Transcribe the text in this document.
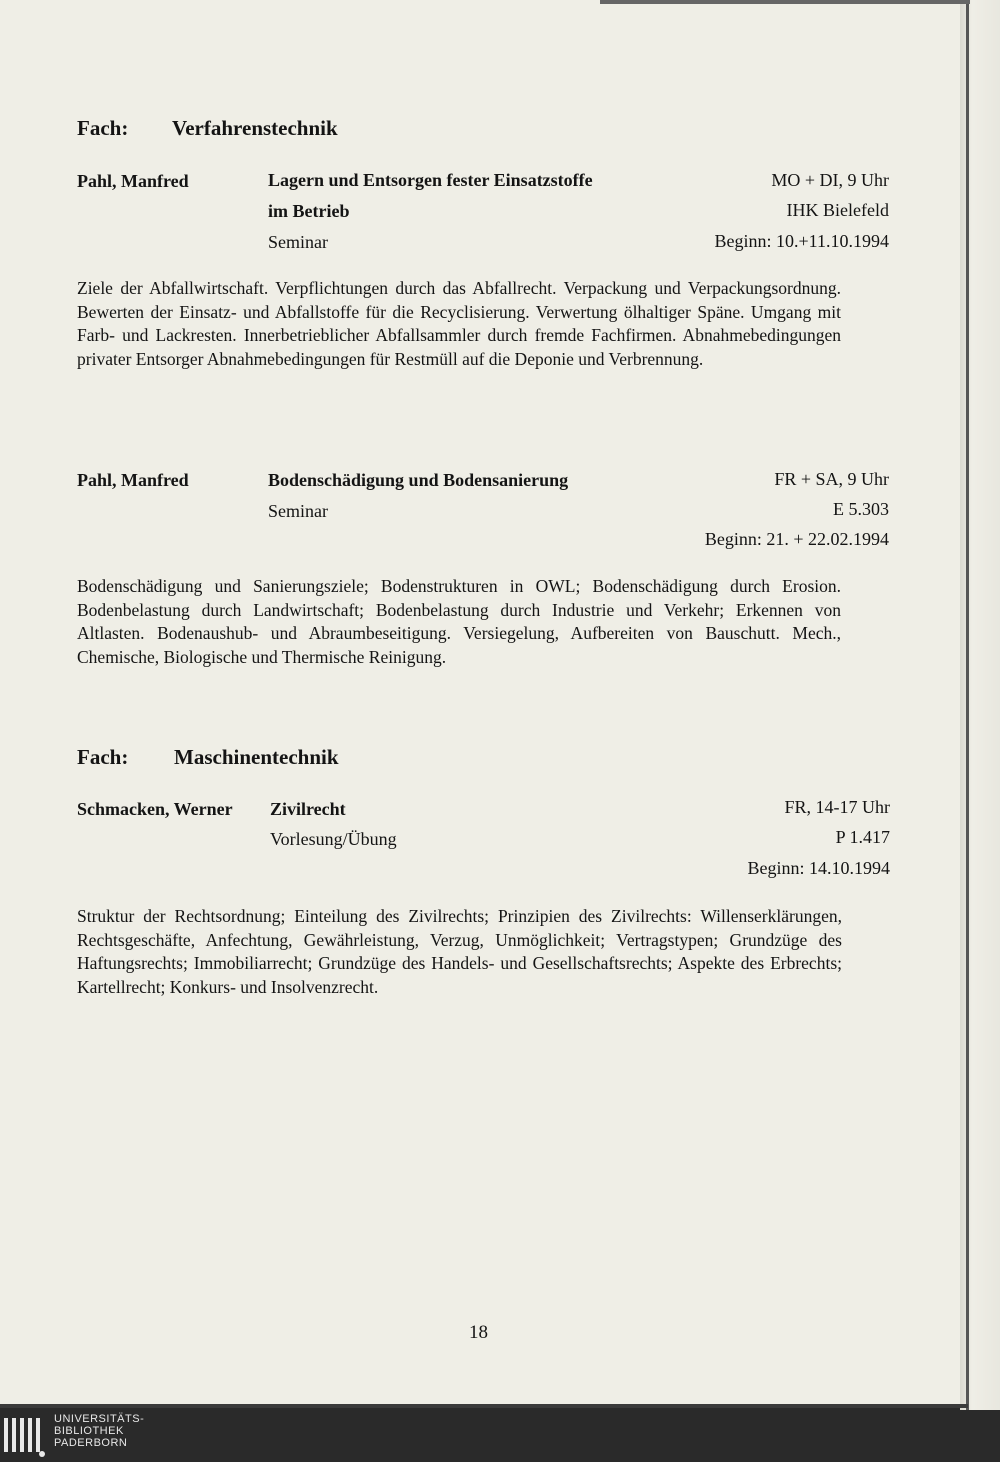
Fach: Verfahrenstechnik
Pahl, Manfred	Lagern und Entsorgen fester Einsatzstoffe
im Betrieb
Seminar
MO + DI, 9 Uhr
IHK Bielefeld
Beginn: 10.+11.10.1994
Ziele der Abfallwirtschaft. Verpflichtungen durch das Abfallrecht. Verpackung und Verpackungsordnung. Bewerten der Einsatz- und Abfallstoffe für die Recyclisierung. Verwertung ölhaltiger Späne. Umgang mit Farb- und Lackresten. Innerbetrieblicher Abfallsammler durch fremde Fachfirmen. Abnahmebedingungen privater Entsorger Abnahmebedingungen für Restmüll auf die Deponie und Verbrennung.
Pahl, Manfred	Bodenschädigung und Bodensanierung
Seminar
FR + SA, 9 Uhr
E 5.303
Beginn: 21. + 22.02.1994
Bodenschädigung und Sanierungsziele; Bodenstrukturen in OWL; Bodenschädigung durch Erosion. Bodenbelastung durch Landwirtschaft; Bodenbelastung durch Industrie und Verkehr; Erkennen von Altlasten. Bodenaushub- und Abraumbeseitigung. Versiegelung, Aufbereiten von Bauschutt. Mech., Chemische, Biologische und Thermische Reinigung.
Fach: Maschinentechnik
Schmacken, Werner Zivilrecht
Vorlesung/Übung
FR, 14-17 Uhr
P 1.417
Beginn: 14.10.1994
Struktur der Rechtsordnung; Einteilung des Zivilrechts; Prinzipien des Zivilrechts: Willenserklärungen, Rechtsgeschäfte, Anfechtung, Gewährleistung, Verzug, Unmöglichkeit; Vertragstypen; Grundzüge des Haftungsrechts; Immobiliarrecht; Grundzüge des Handels- und Gesellschaftsrechts; Aspekte des Erbrechts; Kartellrecht; Konkurs- und Insolvenzrecht.
18
UNIVERSITÄTS-
BIBLIOTHEK
PADERBORN
